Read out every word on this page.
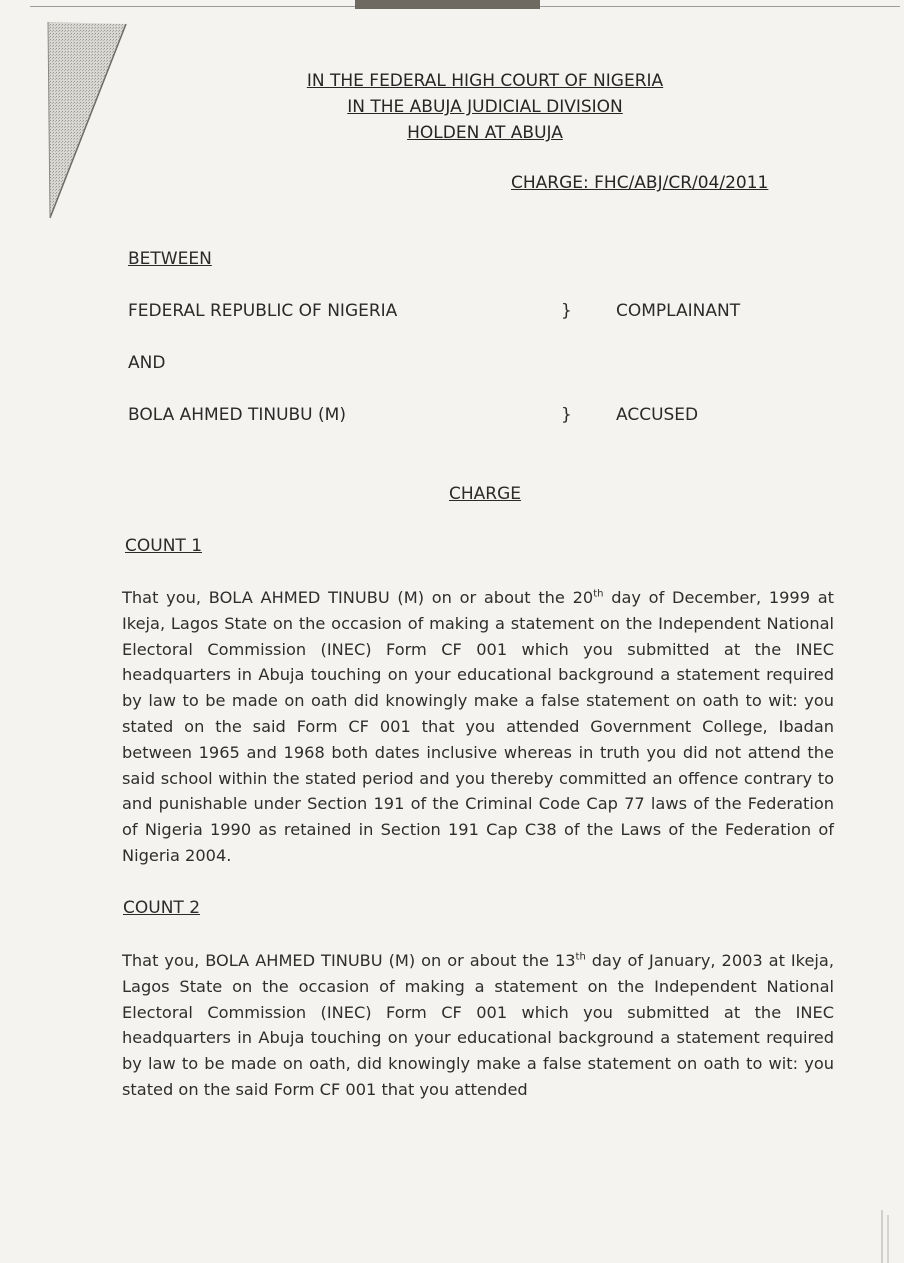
IN THE FEDERAL HIGH COURT OF NIGERIA
IN THE ABUJA JUDICIAL DIVISION
HOLDEN AT ABUJA
CHARGE: FHC/ABJ/CR/04/2011
BETWEEN
FEDERAL REPUBLIC OF NIGERIA	}	COMPLAINANT
AND
BOLA AHMED TINUBU (M)	}	ACCUSED
CHARGE
COUNT 1
That you, BOLA AHMED TINUBU (M) on or about the 20th day of December, 1999 at Ikeja, Lagos State on the occasion of making a statement on the Independent National Electoral Commission (INEC) Form CF 001 which you submitted at the INEC headquarters in Abuja touching on your educational background a statement required by law to be made on oath did knowingly make a false statement on oath to wit: you stated on the said Form CF 001 that you attended Government College, Ibadan between 1965 and 1968 both dates inclusive whereas in truth you did not attend the said school within the stated period and you thereby committed an offence contrary to and punishable under Section 191 of the Criminal Code Cap 77 laws of the Federation of Nigeria 1990 as retained in Section 191 Cap C38 of the Laws of the Federation of Nigeria 2004.
COUNT 2
That you, BOLA AHMED TINUBU (M) on or about the 13th day of January, 2003 at Ikeja, Lagos State on the occasion of making a statement on the Independent National Electoral Commission (INEC) Form CF 001 which you submitted at the INEC headquarters in Abuja touching on your educational background a statement required by law to be made on oath, did knowingly make a false statement on oath to wit: you stated on the said Form CF 001 that you attended
